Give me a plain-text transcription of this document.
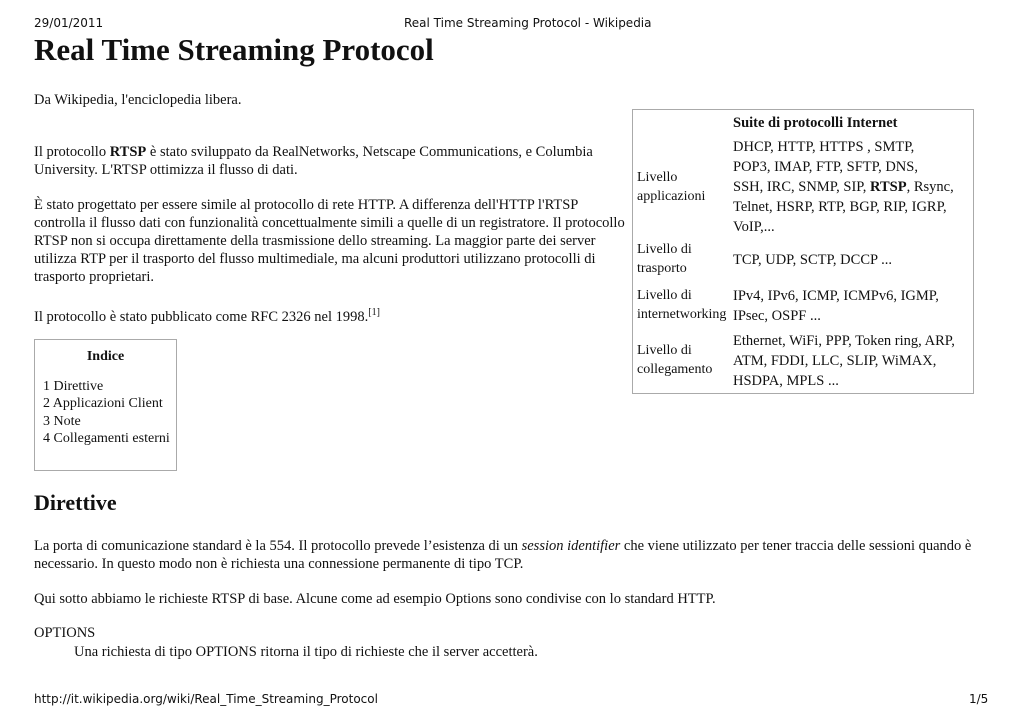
29/01/2011	Real Time Streaming Protocol - Wikipedia
Real Time Streaming Protocol

Da Wikipedia, l'enciclopedia libera.

Il protocollo RTSP è stato sviluppato da RealNetworks, Netscape Communications, e Columbia
University. L'RTSP ottimizza il flusso di dati.

È stato progettato per essere simile al protocollo di rete HTTP. A differenza dell'HTTP l'RTSP
controlla il flusso dati con funzionalità concettualmente simili a quelle di un registratore. Il protocollo
RTSP non si occupa direttamente della trasmissione dello streaming. La maggior parte dei server
utilizza RTP per il trasporto del flusso multimediale, ma alcuni produttori utilizzano protocolli di
trasporto proprietari.

Il protocollo è stato pubblicato come RFC 2326 nel 1998.[1]

Indice
1 Direttive
2 Applicazioni Client
3 Note
4 Collegamenti esterni
Suite di protocolli Internet
Livello
applicazioni
DHCP, HTTP, HTTPS , SMTP,
POP3, IMAP, FTP, SFTP, DNS,
SSH, IRC, SNMP, SIP, RTSP, Rsync,
Telnet, HSRP, RTP, BGP, RIP, IGRP,
VoIP,...
Livello di
trasporto
TCP, UDP, SCTP, DCCP ...
Livello di
internetworking
IPv4, IPv6, ICMP, ICMPv6, IGMP,
IPsec, OSPF ...
Livello di
collegamento
Ethernet, WiFi, PPP, Token ring, ARP,
ATM, FDDI, LLC, SLIP, WiMAX,
HSDPA, MPLS ...
Direttive

La porta di comunicazione standard è la 554. Il protocollo prevede l’esistenza di un session identifier che viene utilizzato per tener traccia delle sessioni quando è
necessario. In questo modo non è richiesta una connessione permanente di tipo TCP.

Qui sotto abbiamo le richieste RTSP di base. Alcune come ad esempio Options sono condivise con lo standard HTTP.

OPTIONS

Una richiesta di tipo OPTIONS ritorna il tipo di richieste che il server accetterà.

http://it.wikipedia.org/wiki/Real_Time_Streaming_Protocol	1/5
